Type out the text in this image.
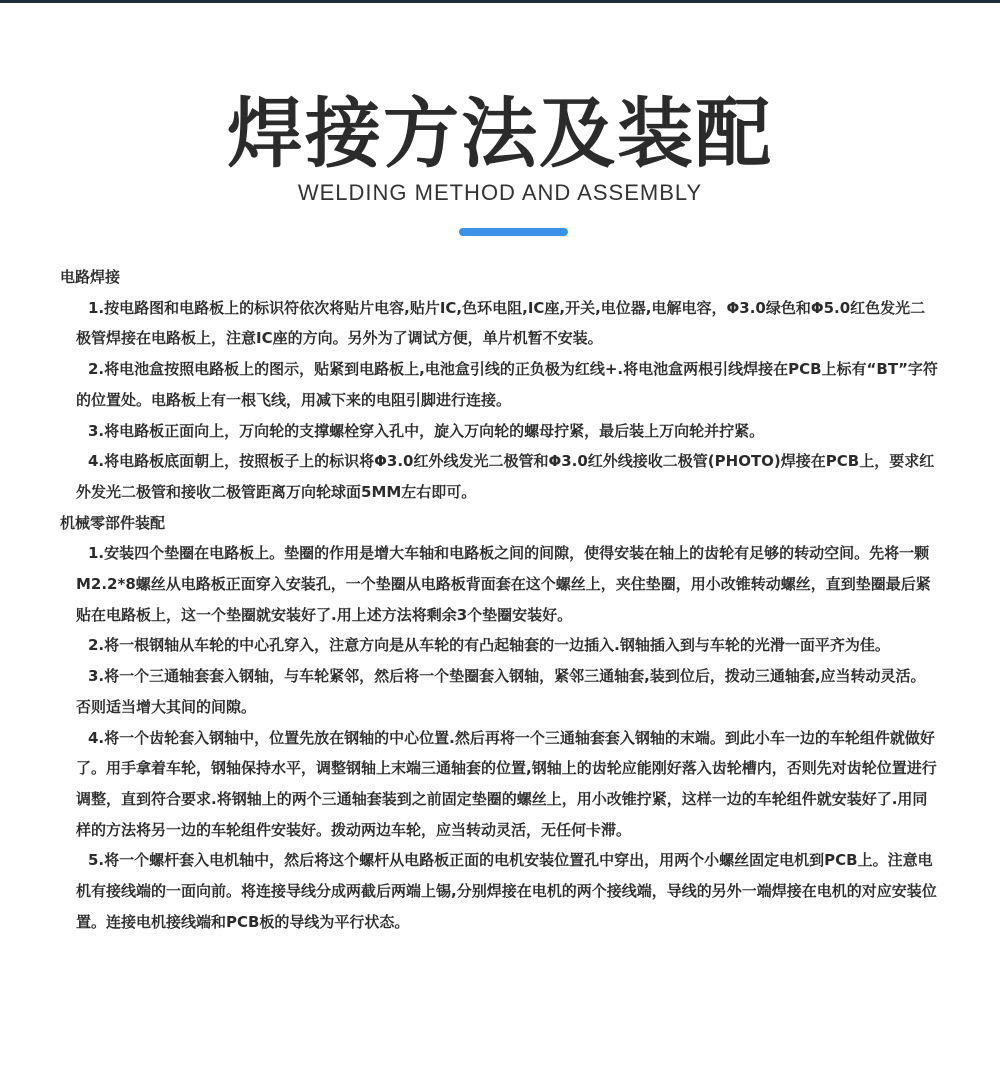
焊接方法及装配
WELDING METHOD AND ASSEMBLY

电路焊接

1.按电路图和电路板上的标识符依次将贴片电容,贴片IC,色环电阻,IC座,开关,电位器,电解电容，Φ3.0绿色和Φ5.0红色发光二极管焊接在电路板上，注意IC座的方向。另外为了调试方便，单片机暂不安装。

2.将电池盒按照电路板上的图示，贴紧到电路板上,电池盒引线的正负极为红线+.将电池盒两根引线焊接在PCB上标有“BT”字符的位置处。电路板上有一根飞线，用减下来的电阻引脚进行连接。

3.将电路板正面向上，万向轮的支撑螺栓穿入孔中，旋入万向轮的螺母拧紧，最后装上万向轮并拧紧。

4.将电路板底面朝上，按照板子上的标识将Φ3.0红外线发光二极管和Φ3.0红外线接收二极管(PHOTO)焊接在PCB上，要求红外发光二极管和接收二极管距离万向轮球面5MM左右即可。

机械零部件装配

1.安装四个垫圈在电路板上。垫圈的作用是增大车轴和电路板之间的间隙，使得安装在轴上的齿轮有足够的转动空间。先将一颗M2.2*8螺丝从电路板正面穿入安装孔，一个垫圈从电路板背面套在这个螺丝上，夹住垫圈，用小改锥转动螺丝，直到垫圈最后紧贴在电路板上，这一个垫圈就安装好了.用上述方法将剩余3个垫圈安装好。

2.将一根钢轴从车轮的中心孔穿入，注意方向是从车轮的有凸起轴套的一边插入.钢轴插入到与车轮的光滑一面平齐为佳。

3.将一个三通轴套套入钢轴，与车轮紧邻，然后将一个垫圈套入钢轴，紧邻三通轴套,装到位后，拨动三通轴套,应当转动灵活。否则适当增大其间的间隙。

4.将一个齿轮套入钢轴中，位置先放在钢轴的中心位置.然后再将一个三通轴套套入钢轴的末端。到此小车一边的车轮组件就做好了。用手拿着车轮，钢轴保持水平，调整钢轴上末端三通轴套的位置,钢轴上的齿轮应能刚好落入齿轮槽内，否则先对齿轮位置进行调整，直到符合要求.将钢轴上的两个三通轴套装到之前固定垫圈的螺丝上，用小改锥拧紧，这样一边的车轮组件就安装好了.用同样的方法将另一边的车轮组件安装好。拨动两边车轮，应当转动灵活，无任何卡滞。

5.将一个螺杆套入电机轴中，然后将这个螺杆从电路板正面的电机安装位置孔中穿出，用两个小螺丝固定电机到PCB上。注意电机有接线端的一面向前。将连接导线分成两截后两端上锡,分别焊接在电机的两个接线端，导线的另外一端焊接在电机的对应安装位置。连接电机接线端和PCB板的导线为平行状态。
